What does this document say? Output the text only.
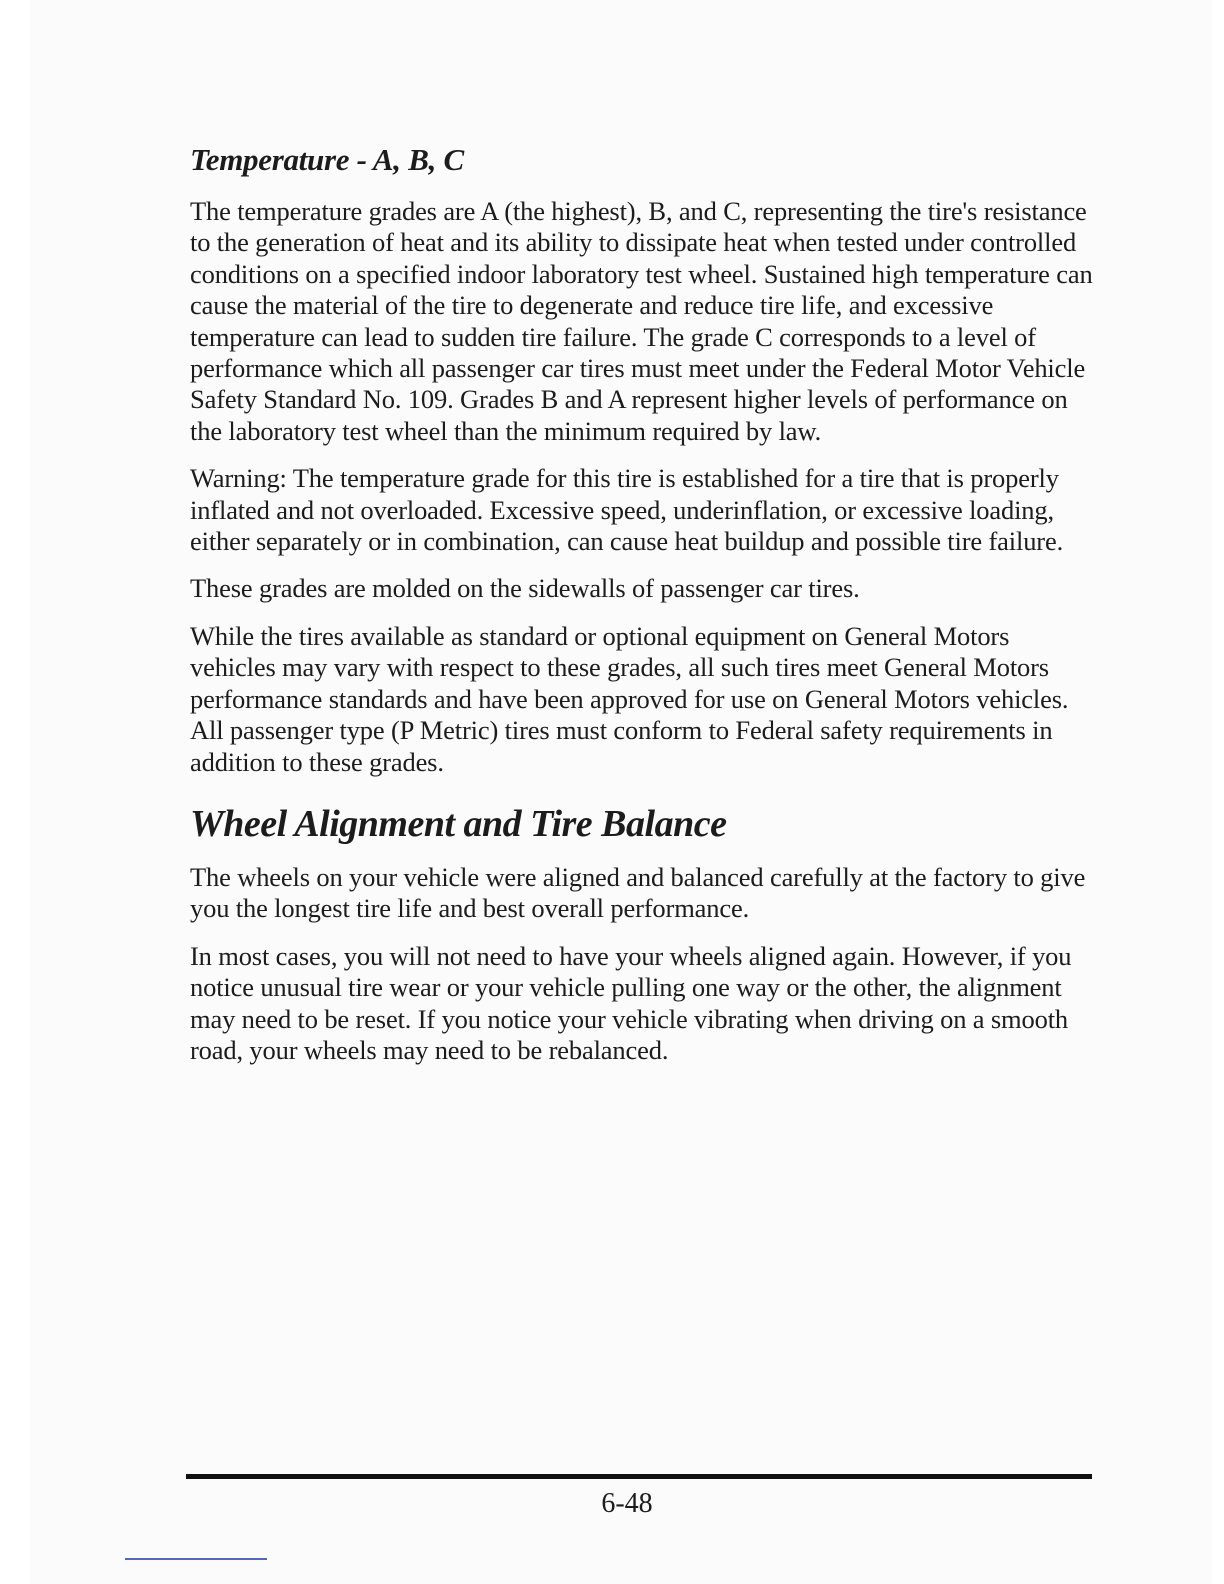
Temperature - A, B, C

The temperature grades are A (the highest), B, and C, representing the tire's resistance to the generation of heat and its ability to dissipate heat when tested under controlled conditions on a specified indoor laboratory test wheel. Sustained high temperature can cause the material of the tire to degenerate and reduce tire life, and excessive temperature can lead to sudden tire failure. The grade C corresponds to a level of performance which all passenger car tires must meet under the Federal Motor Vehicle Safety Standard No. 109. Grades B and A represent higher levels of performance on the laboratory test wheel than the minimum required by law.

Warning: The temperature grade for this tire is established for a tire that is properly inflated and not overloaded. Excessive speed, underinflation, or excessive loading, either separately or in combination, can cause heat buildup and possible tire failure.

These grades are molded on the sidewalls of passenger car tires.

While the tires available as standard or optional equipment on General Motors vehicles may vary with respect to these grades, all such tires meet General Motors performance standards and have been approved for use on General Motors vehicles. All passenger type (P Metric) tires must conform to Federal safety requirements in addition to these grades.

Wheel Alignment and Tire Balance

The wheels on your vehicle were aligned and balanced carefully at the factory to give you the longest tire life and best overall performance.

In most cases, you will not need to have your wheels aligned again. However, if you notice unusual tire wear or your vehicle pulling one way or the other, the alignment may need to be reset. If you notice your vehicle vibrating when driving on a smooth road, your wheels may need to be rebalanced.

6-48
